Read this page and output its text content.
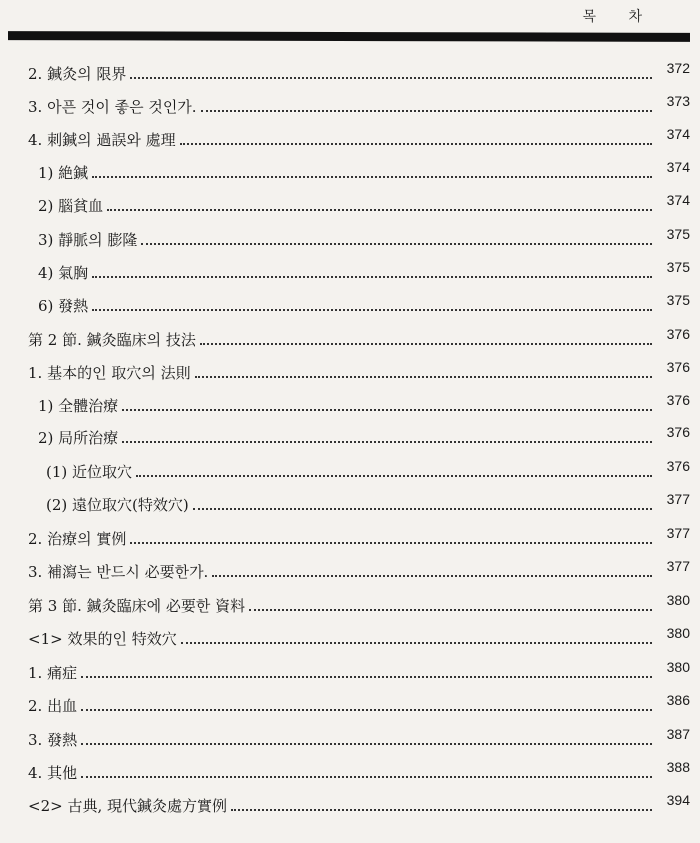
목 차
2. 鍼灸의 限界	372
3. 아픈 것이 좋은 것인가.	373
4. 刺鍼의 過誤와 處理	374
1) 絶鍼	374
2) 腦貧血	374
3) 靜脈의 膨隆	375
4) 氣胸	375
6) 發熱	375
第 2 節. 鍼灸臨床의 技法	376
1. 基本的인 取穴의 法則	376
1) 全體治療	376
2) 局所治療	376
(1) 近位取穴	376
(2) 遠位取穴(特效穴)	377
2. 治療의 實例	377
3. 補瀉는 반드시 必要한가.	377
第 3 節. 鍼灸臨床에 必要한 資料	380
<1> 效果的인 特效穴	380
1. 痛症	380
2. 出血	386
3. 發熱	387
4. 其他	388
<2> 古典, 現代鍼灸處方實例	394
